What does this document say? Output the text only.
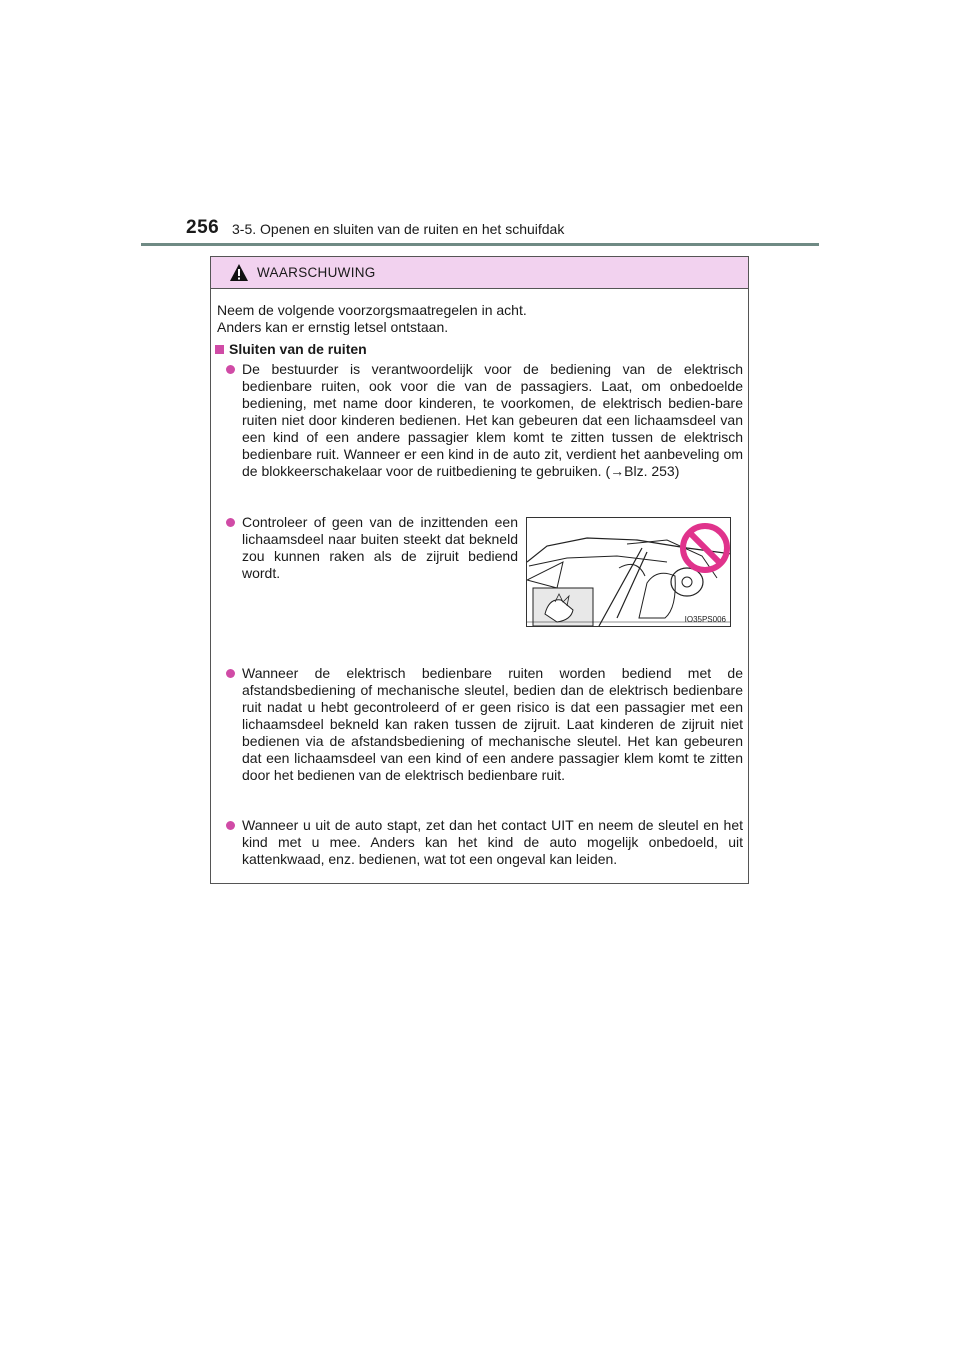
256 3-5. Openen en sluiten van de ruiten en het schuifdak
WAARSCHUWING
Neem de volgende voorzorgsmaatregelen in acht.
Anders kan er ernstig letsel ontstaan.
Sluiten van de ruiten
De bestuurder is verantwoordelijk voor de bediening van de elektrisch bedienbare ruiten, ook voor die van de passagiers. Laat, om onbedoelde bediening, met name door kinderen, te voorkomen, de elektrisch bedien-bare ruiten niet door kinderen bedienen. Het kan gebeuren dat een lichaamsdeel van een kind of een andere passagier klem komt te zitten tussen de elektrisch bedienbare ruit. Wanneer er een kind in de auto zit, verdient het aanbeveling om de blokkeerschakelaar voor de ruitbediening te gebruiken. (→Blz. 253)
Controleer of geen van de inzittenden een lichaamsdeel naar buiten steekt dat bekneld zou kunnen raken als de zijruit bediend wordt.
IO35PS006
Wanneer de elektrisch bedienbare ruiten worden bediend met de afstandsbediening of mechanische sleutel, bedien dan de elektrisch bedienbare ruit nadat u hebt gecontroleerd of er geen risico is dat een passagier met een lichaamsdeel bekneld kan raken tussen de zijruit. Laat kinderen de zijruit niet bedienen via de afstandsbediening of mechanische sleutel. Het kan gebeuren dat een lichaamsdeel van een kind of een andere passagier klem komt te zitten door het bedienen van de elektrisch bedienbare ruit.
Wanneer u uit de auto stapt, zet dan het contact UIT en neem de sleutel en het kind met u mee. Anders kan het kind de auto mogelijk onbedoeld, uit kattenkwaad, enz. bedienen, wat tot een ongeval kan leiden.
